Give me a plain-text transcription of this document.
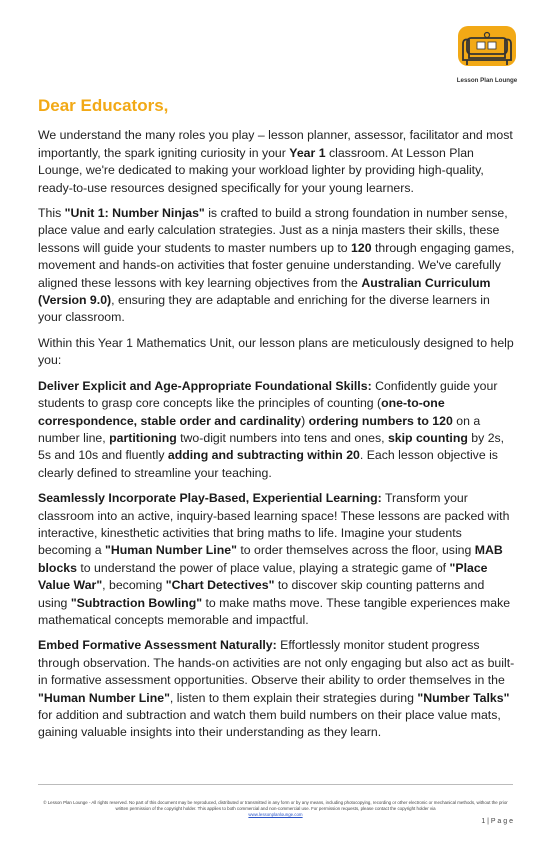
Lesson Plan Lounge
Dear Educators,

We understand the many roles you play – lesson planner, assessor, facilitator and most importantly, the spark igniting curiosity in your Year 1 classroom. At Lesson Plan Lounge, we're dedicated to making your workload lighter by providing high-quality, ready-to-use resources designed specifically for your young learners.

This "Unit 1: Number Ninjas" is crafted to build a strong foundation in number sense, place value and early calculation strategies. Just as a ninja masters their skills, these lessons will guide your students to master numbers up to 120 through engaging games, movement and hands-on activities that foster genuine understanding. We've carefully aligned these lessons with key learning objectives from the Australian Curriculum (Version 9.0), ensuring they are adaptable and enriching for the diverse learners in your classroom.

Within this Year 1 Mathematics Unit, our lesson plans are meticulously designed to help you:

Deliver Explicit and Age-Appropriate Foundational Skills: Confidently guide your students to grasp core concepts like the principles of counting (one-to-one correspondence, stable order and cardinality) ordering numbers to 120 on a number line, partitioning two-digit numbers into tens and ones, skip counting by 2s, 5s and 10s and fluently adding and subtracting within 20. Each lesson objective is clearly defined to streamline your teaching.

Seamlessly Incorporate Play-Based, Experiential Learning: Transform your classroom into an active, inquiry-based learning space! These lessons are packed with interactive, kinesthetic activities that bring maths to life. Imagine your students becoming a "Human Number Line" to order themselves across the floor, using MAB blocks to understand the power of place value, playing a strategic game of "Place Value War", becoming "Chart Detectives" to discover skip counting patterns and using "Subtraction Bowling" to make maths move. These tangible experiences make mathematical concepts memorable and impactful.

Embed Formative Assessment Naturally: Effortlessly monitor student progress through observation. The hands-on activities are not only engaging but also act as built-in formative assessment opportunities. Observe their ability to order themselves in the "Human Number Line", listen to them explain their strategies during "Number Talks" for addition and subtraction and watch them build numbers on their place value mats, gaining valuable insights into their understanding as they learn.

© Lesson Plan Lounge - All rights reserved. No part of this document may be reproduced, distributed or transmitted in any form or by any means, including photocopying, recording or other electronic or mechanical methods, without the prior written permission of the copyright holder. This applies to both commercial and non-commercial use. For permission requests, please contact the copyright holder via
www.lessonplanlounge.com
1 | P a g e
